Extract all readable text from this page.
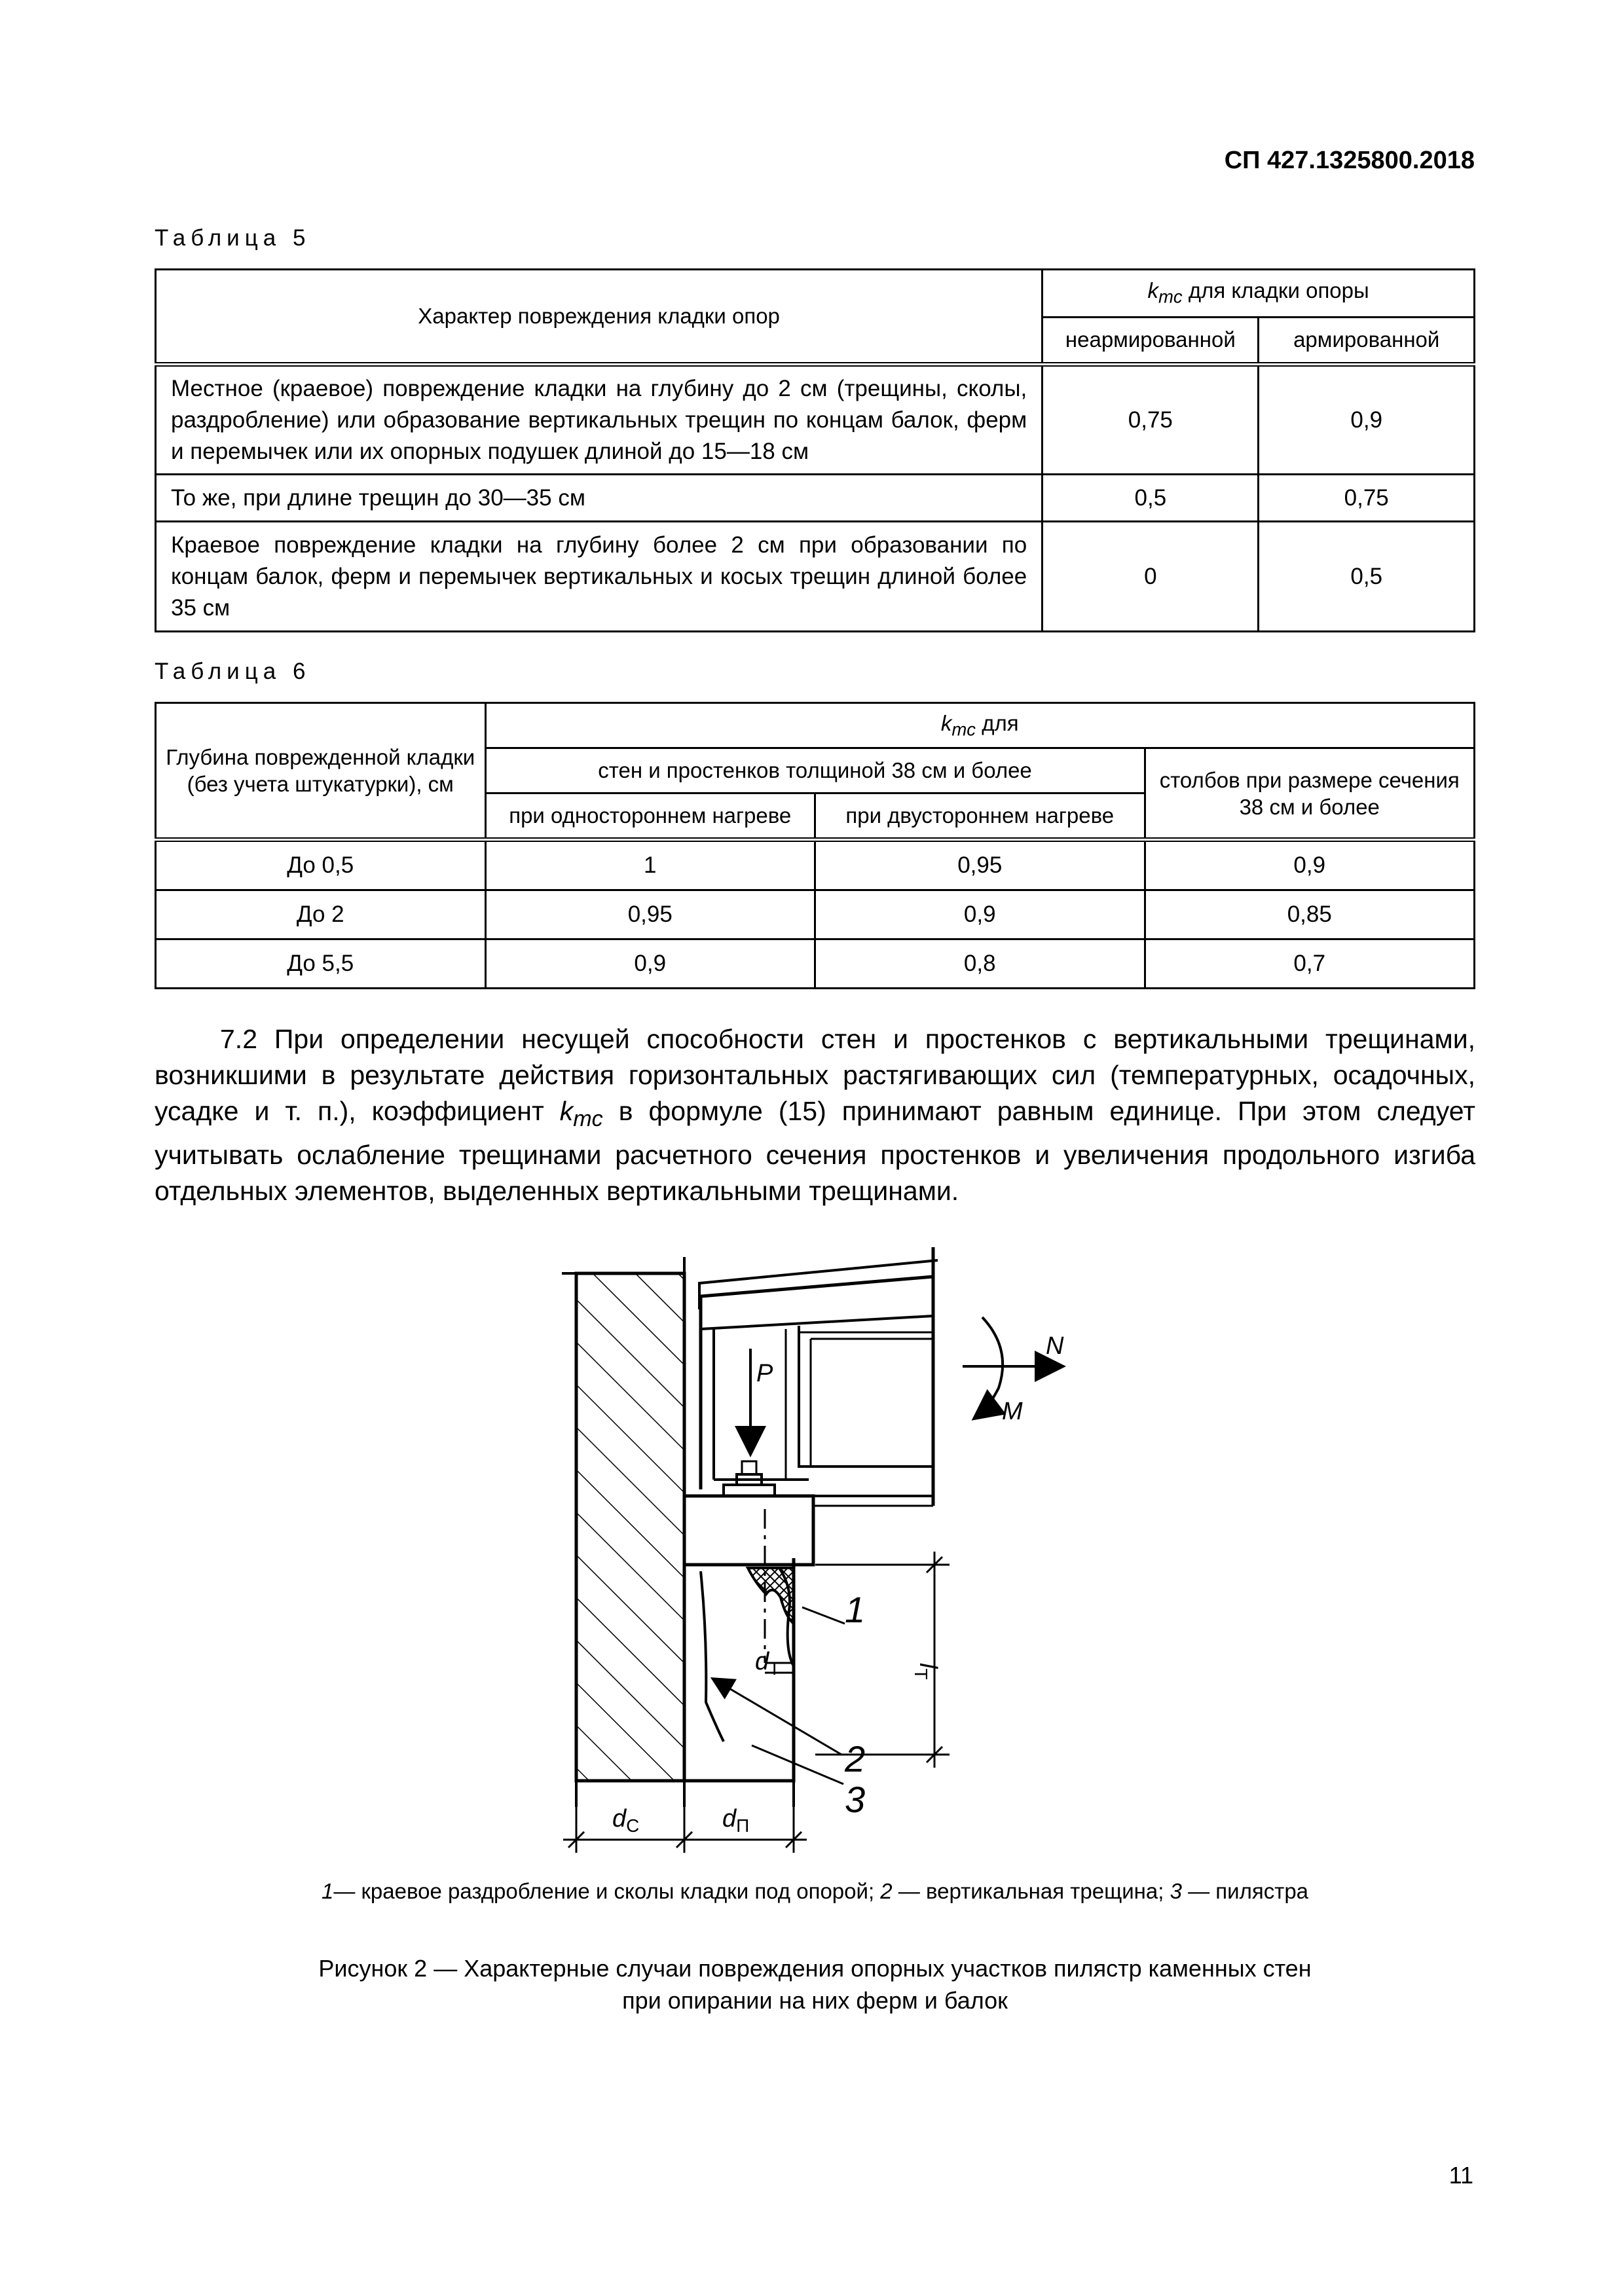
СП 427.1325800.2018
Таблица 5
Характер повреждения кладки опор	$k_{mc}$ для кладки опоры	
	неармированной	армированной
Местное (краевое) повреждение кладки на глубину до 2 см (трещины, сколы, раздробление) или образование вертикальных трещин по концам балок, ферм и перемычек или их опорных подушек длиной до 15—18 см	0,75	0,9
То же, при длине трещин до 30—35 см	0,5	0,75
Краевое повреждение кладки на глубину более 2 см при образовании по концам балок, ферм и перемычек вертикальных и косых трещин длиной более 35 см	0	0,5
Таблица 6
Глубина поврежденной кладки (без учета штукатурки), см	$k_{mc}$ для		
	стен и простенков толщиной 38 см и более		столбов при размере сечения 38 см и более
	при одностороннем нагреве	при двустороннем нагреве	
До 0,5	1	0,95	0,9
До 2	0,95	0,9	0,85
До 5,5	0,9	0,8	0,7

7.2 При определении несущей способности стен и простенков с вертикальными трещинами, возникшими в результате действия горизонтальных растягивающих сил (температурных, осадочных, усадке и т. п.), коэффициент $k_{mc}$ в формуле (15) принимают равным единице. При этом следует учитывать ослабление трещинами расчетного сечения простенков и увеличения продольного изгиба отдельных элементов, выделенных вертикальными трещинами.

P
N
M
1
2
3
$d_Т$	$l_Т$
$d_С$	$d_П$
1— краевое раздробление и сколы кладки под опорой; 2 — вертикальная трещина; 3 — пилястра
Рисунок 2 — Характерные случаи повреждения опорных участков пилястр каменных стен
при опирании на них ферм и балок
11
